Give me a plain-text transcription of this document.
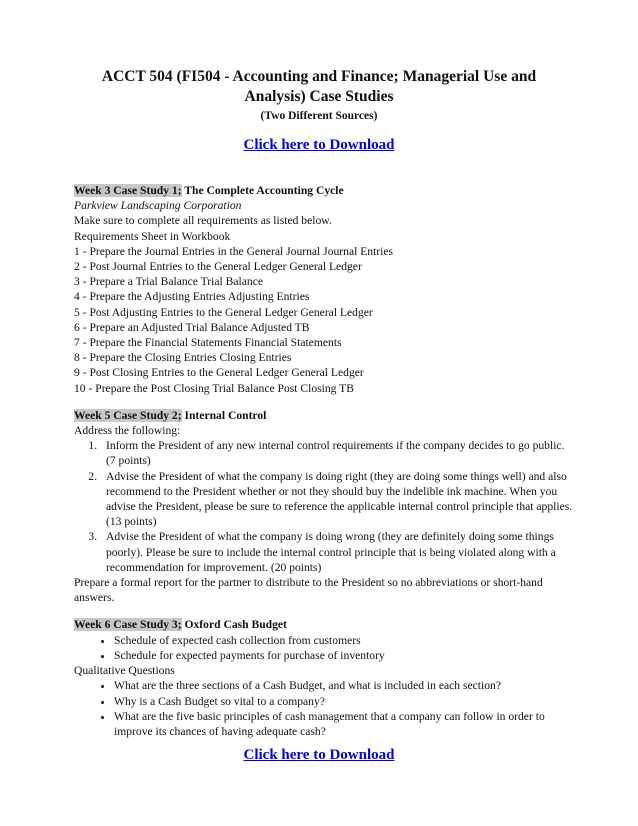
ACCT 504 (FI504 - Accounting and Finance; Managerial Use and Analysis) Case Studies
(Two Different Sources)
Click here to Download
Week 3 Case Study 1; The Complete Accounting Cycle
Parkview Landscaping Corporation
Make sure to complete all requirements as listed below.
Requirements Sheet in Workbook
1 - Prepare the Journal Entries in the General Journal Journal Entries
2 - Post Journal Entries to the General Ledger General Ledger
3 - Prepare a Trial Balance Trial Balance
4 - Prepare the Adjusting Entries Adjusting Entries
5 - Post Adjusting Entries to the General Ledger General Ledger
6 - Prepare an Adjusted Trial Balance Adjusted TB
7 - Prepare the Financial Statements Financial Statements
8 - Prepare the Closing Entries Closing Entries
9 - Post Closing Entries to the General Ledger General Ledger
10 - Prepare the Post Closing Trial Balance Post Closing TB
Week 5 Case Study 2; Internal Control
Address the following:
1. Inform the President of any new internal control requirements if the company decides to go public. (7 points)
2. Advise the President of what the company is doing right (they are doing some things well) and also recommend to the President whether or not they should buy the indelible ink machine. When you advise the President, please be sure to reference the applicable internal control principle that applies. (13 points)
3. Advise the President of what the company is doing wrong (they are definitely doing some things poorly). Please be sure to include the internal control principle that is being violated along with a recommendation for improvement. (20 points)
Prepare a formal report for the partner to distribute to the President so no abbreviations or short-hand answers.
Week 6 Case Study 3; Oxford Cash Budget
• Schedule of expected cash collection from customers
• Schedule for expected payments for purchase of inventory
Qualitative Questions
• What are the three sections of a Cash Budget, and what is included in each section?
• Why is a Cash Budget so vital to a company?
• What are the five basic principles of cash management that a company can follow in order to improve its chances of having adequate cash?
Click here to Download
